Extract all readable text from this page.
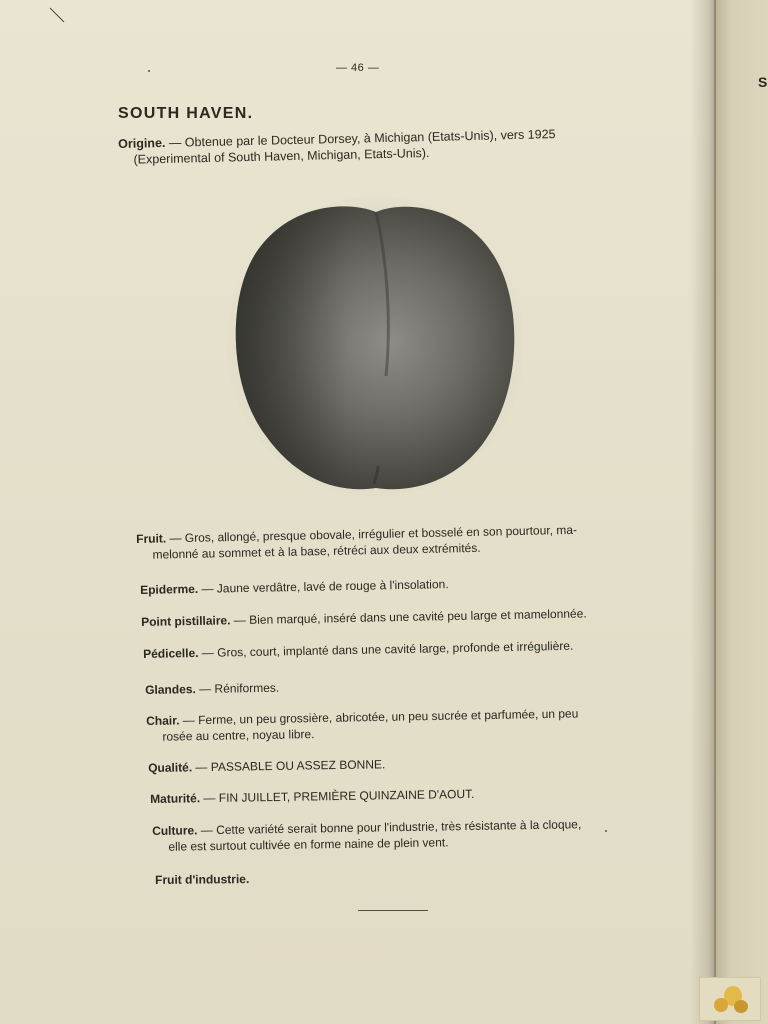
S
— 46 —
SOUTH HAVEN.
Origine. — Obtenue par le Docteur Dorsey, à Michigan (Etats-Unis), vers 1925
(Experimental of South Haven, Michigan, Etats-Unis).
Fruit. — Gros, allongé, presque obovale, irrégulier et bosselé en son pourtour, ma-
melonné au sommet et à la base, rétréci aux deux extrémités.
Epiderme. — Jaune verdâtre, lavé de rouge à l'insolation.
Point pistillaire. — Bien marqué, inséré dans une cavité peu large et mamelonnée.
Pédicelle. — Gros, court, implanté dans une cavité large, profonde et irrégulière.
Glandes. — Réniformes.
Chair. — Ferme, un peu grossière, abricotée, un peu sucrée et parfumée, un peu
rosée au centre, noyau libre.
Qualité. — PASSABLE OU ASSEZ BONNE.
Maturité. — FIN JUILLET, PREMIÈRE QUINZAINE D'AOUT.
Culture. — Cette variété serait bonne pour l'industrie, très résistante à la cloque,
elle est surtout cultivée en forme naine de plein vent.
Fruit d'industrie.
